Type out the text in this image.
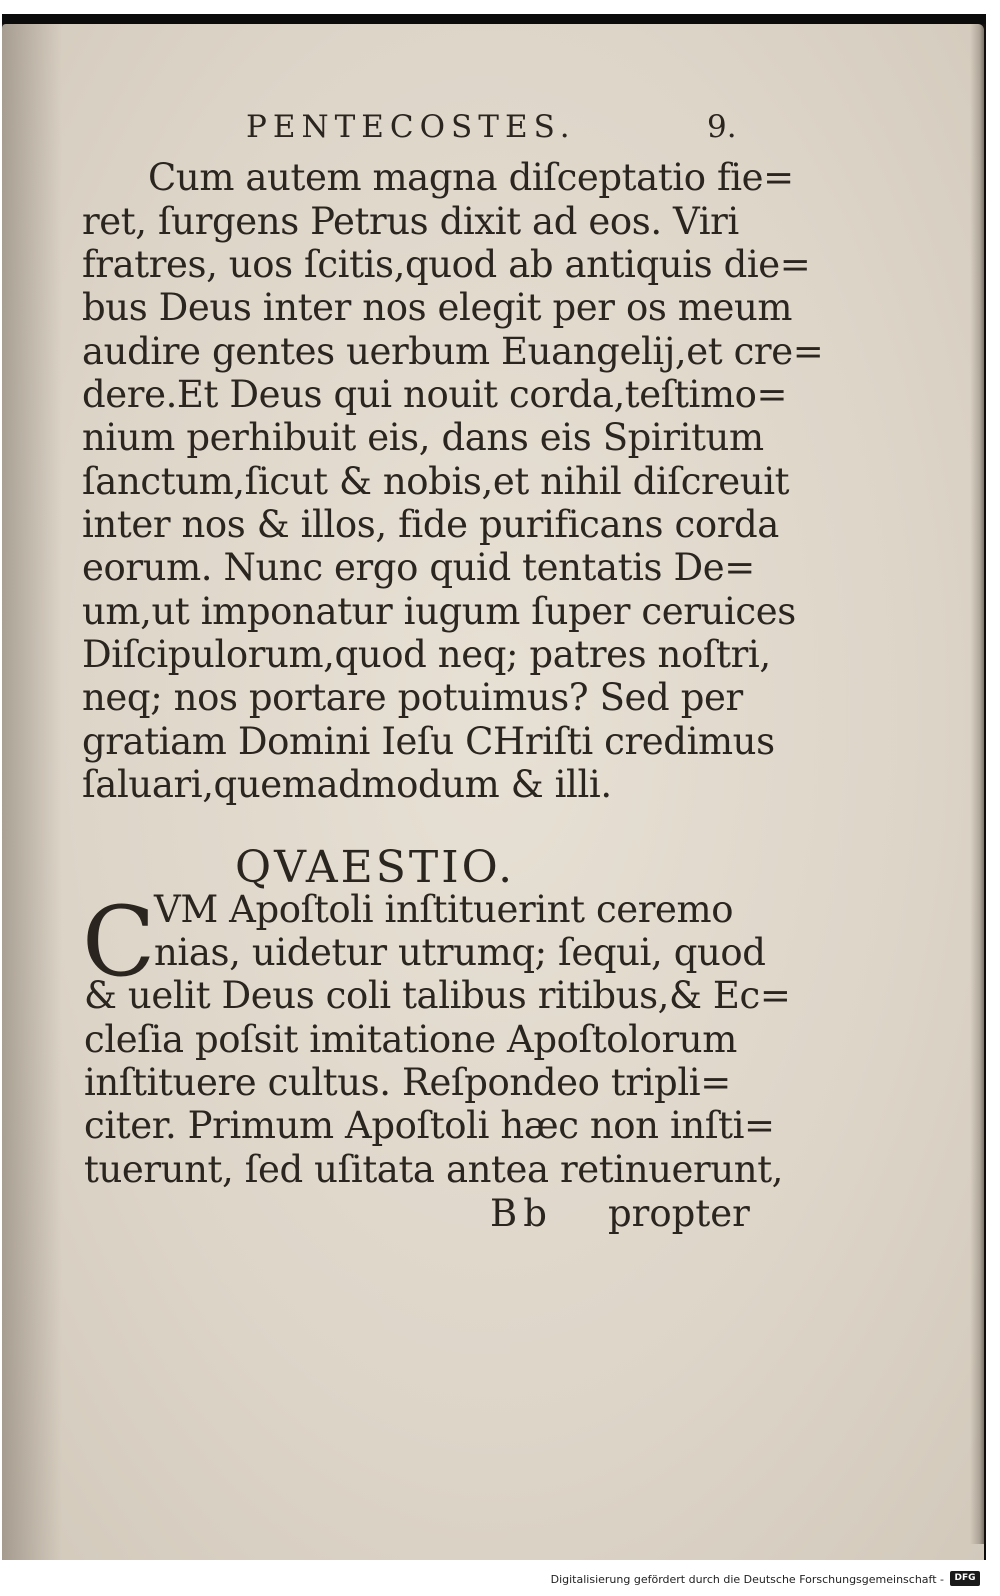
PENTECOSTES.	9.
Cum autem magna diſceptatio fie=
ret, ſurgens Petrus dixit ad eos. Viri
fratres, uos ſcitis,quod ab antiquis die=
bus Deus inter nos elegit per os meum
audire gentes uerbum Euangelij,et cre=
dere.Et Deus qui nouit corda,teſtimo=
nium perhibuit eis, dans eis Spiritum
ſanctum,ſicut & nobis,et nihil diſcreuit
inter nos & illos, fide purificans corda
eorum. Nunc ergo quid tentatis De=
um,ut imponatur iugum ſuper ceruices
Diſcipulorum,quod neq; patres noſtri,
neq; nos portare potuimus? Sed per
gratiam Domini Ieſu CHriſti credimus
ſaluari,quemadmodum & illi.
QVAESTIO.
C
VM Apoſtoli inſtituerint ceremo
nias, uidetur utrumq; ſequi, quod
& uelit Deus coli talibus ritibus,& Ec=
cleſia poſsit imitatione Apoſtolorum
inſtituere cultus. Reſpondeo tripli=
citer. Primum Apoſtoli hæc non inſti=
tuerunt, ſed uſitata antea retinuerunt,
Bb propter
Digitalisierung gefördert durch die Deutsche Forschungsgemeinschaft -	DFG
